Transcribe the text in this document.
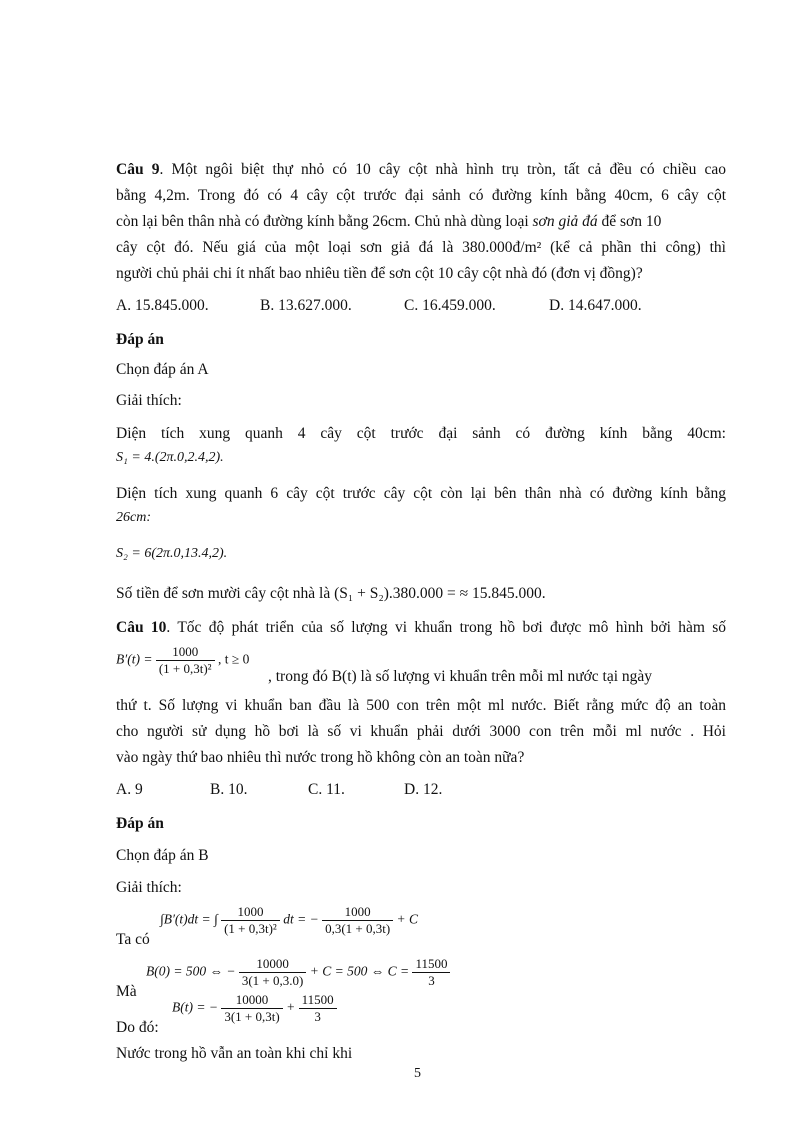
Câu 9. Một ngôi biệt thự nhỏ có 10 cây cột nhà hình trụ tròn, tất cả đều có chiều cao
bằng 4,2m. Trong đó có 4 cây cột trước đại sảnh có đường kính bằng 40cm, 6 cây cột
còn lại bên thân nhà có đường kính bằng 26cm. Chủ nhà dùng loại sơn giả đá để sơn 10
cây cột đó. Nếu giá của một loại sơn giả đá là 380.000đ/m² (kể cả phần thi công) thì
người chủ phải chi ít nhất bao nhiêu tiền để sơn cột 10 cây cột nhà đó (đơn vị đồng)?
A. 15.845.000.	B. 13.627.000.	C. 16.459.000.	D. 14.647.000.
Đáp án
Chọn đáp án A
Giải thích:
Diện tích xung quanh 4 cây cột trước đại sảnh có đường kính bằng 40cm:
S₁ = 4.(2π.0,2.4,2).
Diện tích xung quanh 6 cây cột trước cây cột còn lại bên thân nhà có đường kính bằng
26cm:
S₂ = 6(2π.0,13.4,2).
Số tiền để sơn mười cây cột nhà là (S₁ + S₂).380.000 = ≈ 15.845.000.
Câu 10. Tốc độ phát triển của số lượng vi khuẩn trong hồ bơi được mô hình bởi hàm số
$B'(t) = \frac{1000}{\text{(1 + 0,3t)²}}$ , t ≥ 0
, trong đó B(t) là số lượng vi khuẩn trên mỗi ml nước tại ngày
thứ t. Số lượng vi khuẩn ban đầu là 500 con trên một ml nước. Biết rằng mức độ an toàn
cho người sử dụng hồ bơi là số vi khuẩn phải dưới 3000 con trên mỗi ml nước . Hỏi
vào ngày thứ bao nhiêu thì nước trong hồ không còn an toàn nữa?
A. 9	B. 10.	C. 11.	D. 12.
Đáp án
Chọn đáp án B
Giải thích:
∫B′(t)dt = ∫ $\frac{1000}{\text{(1 + 0,3t)²}}$ dt = − $\frac{1000}{0,3(1 + 0,3t)} + C$
Ta có
B(0) = 500 ⇔ − $\frac{10000}{3(1 + 0,3.0)} + C = 500$ ⇔ $C = \frac{11500}{3}$
Mà
B(t) = − $\frac{10000}{3(1 + 0,3t)} + \frac{11500}{3}$
Do đó:
5
Nước trong hồ vẫn an toàn khi chỉ khi
